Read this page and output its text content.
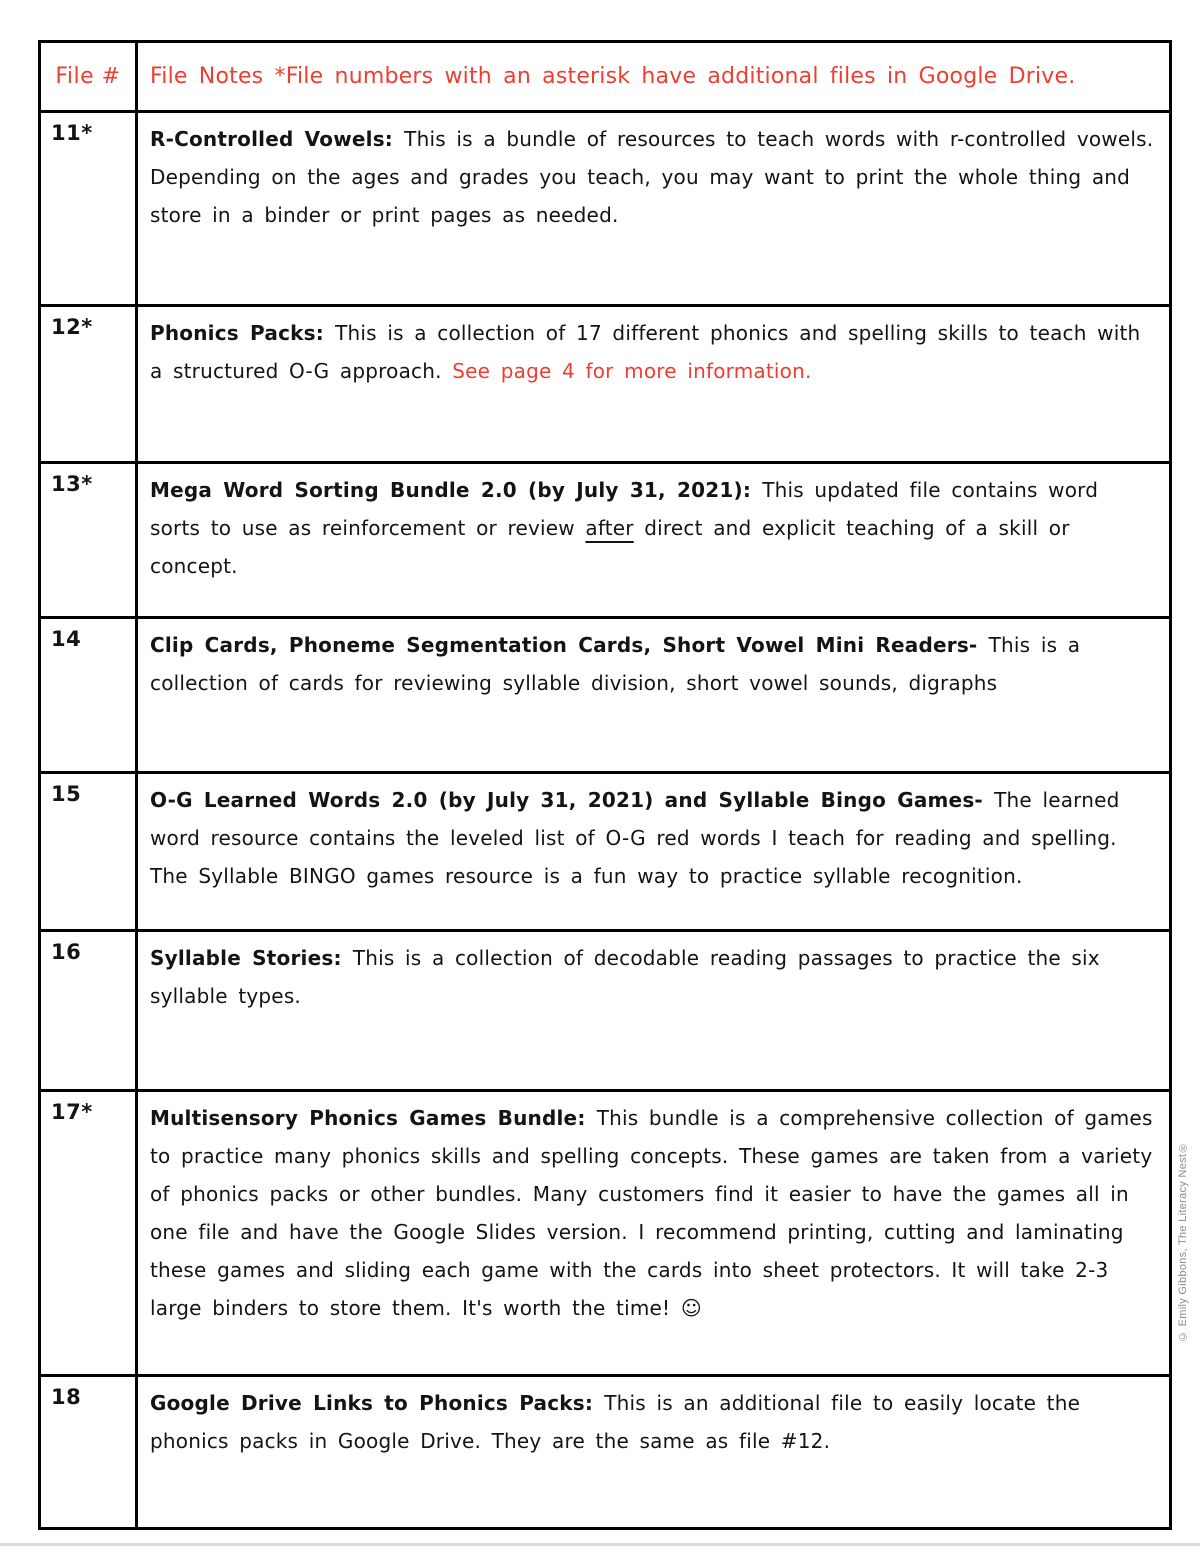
File #	File Notes *File numbers with an asterisk have additional files in Google Drive.
11*	R-Controlled Vowels: This is a bundle of resources to teach words with r-controlled vowels. Depending on the ages and grades you teach, you may want to print the whole thing and store in a binder or print pages as needed.
12*	Phonics Packs: This is a collection of 17 different phonics and spelling skills to teach with a structured O-G approach. See page 4 for more information.
13*	Mega Word Sorting Bundle 2.0 (by July 31, 2021): This updated file contains word sorts to use as reinforcement or review after direct and explicit teaching of a skill or concept.
14	Clip Cards, Phoneme Segmentation Cards, Short Vowel Mini Readers- This is a collection of cards for reviewing syllable division, short vowel sounds, digraphs
15	O-G Learned Words 2.0 (by July 31, 2021) and Syllable Bingo Games- The learned word resource contains the leveled list of O-G red words I teach for reading and spelling. The Syllable BINGO games resource is a fun way to practice syllable recognition.
16	Syllable Stories: This is a collection of decodable reading passages to practice the six syllable types.
17*	Multisensory Phonics Games Bundle: This bundle is a comprehensive collection of games to practice many phonics skills and spelling concepts. These games are taken from a variety of phonics packs or other bundles. Many customers find it easier to have the games all in one file and have the Google Slides version. I recommend printing, cutting and laminating these games and sliding each game with the cards into sheet protectors. It will take 2-3 large binders to store them. It's worth the time! ☺
18	Google Drive Links to Phonics Packs: This is an additional file to easily locate the phonics packs in Google Drive. They are the same as file #12.
© Emily Gibbons, The Literacy Nest®
